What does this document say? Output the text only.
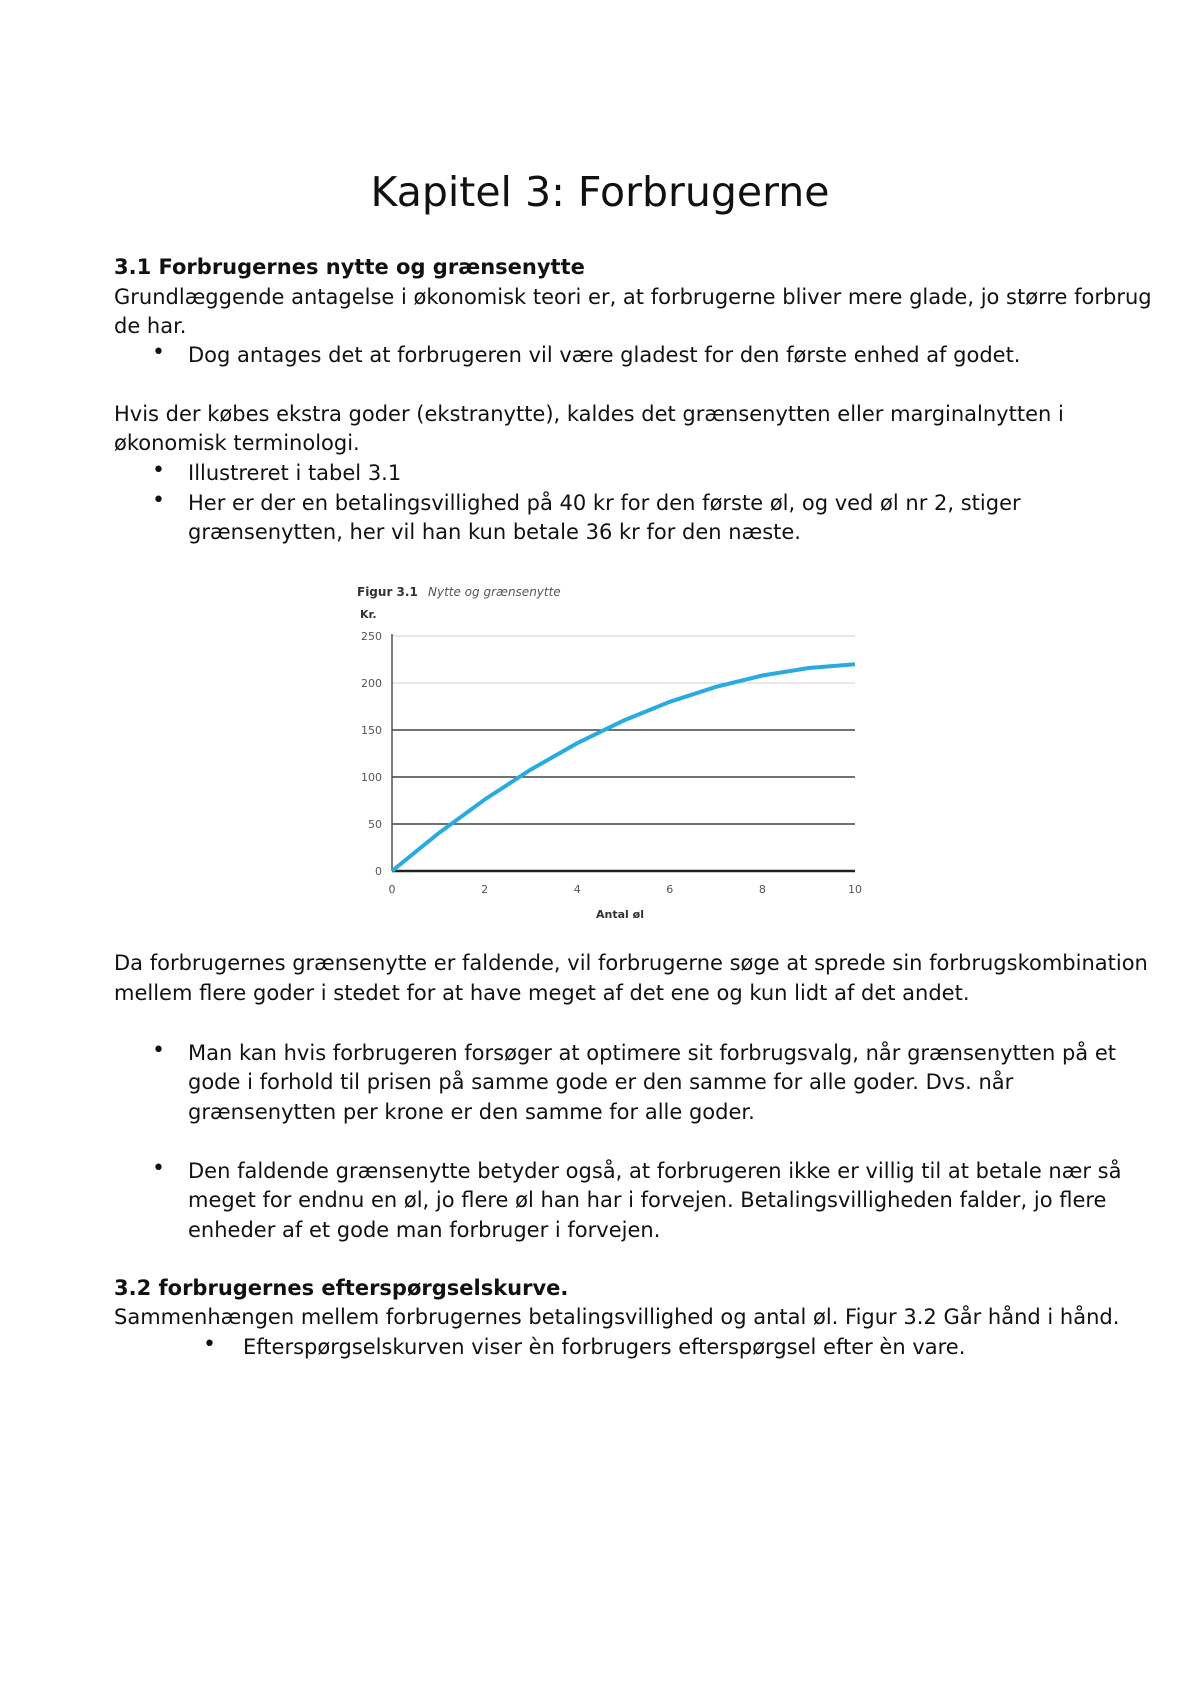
Kapitel 3: Forbrugerne
3.1 Forbrugernes nytte og grænsenytte
Grundlæggende antagelse i økonomisk teori er, at forbrugerne bliver mere glade, jo større forbrug
de har.
• Dog antages det at forbrugeren vil være gladest for den første enhed af godet.
Hvis der købes ekstra goder (ekstranytte), kaldes det grænsenytten eller marginalnytten i
økonomisk terminologi.
• Illustreret i tabel 3.1
• Her er der en betalingsvillighed på 40 kr for den første øl, og ved øl nr 2, stiger
grænsenytten, her vil han kun betale 36 kr for den næste.
Figur 3.1 Nytte og grænsenytte
Kr.
0
50
100
150
200
250
0	2	4	6	8	10
Antal øl
Da forbrugernes grænsenytte er faldende, vil forbrugerne søge at sprede sin forbrugskombination
mellem flere goder i stedet for at have meget af det ene og kun lidt af det andet.
• Man kan hvis forbrugeren forsøger at optimere sit forbrugsvalg, når grænsenytten på et
gode i forhold til prisen på samme gode er den samme for alle goder. Dvs. når
grænsenytten per krone er den samme for alle goder.
• Den faldende grænsenytte betyder også, at forbrugeren ikke er villig til at betale nær så
meget for endnu en øl, jo flere øl han har i forvejen. Betalingsvilligheden falder, jo flere
enheder af et gode man forbruger i forvejen.
3.2 forbrugernes efterspørgselskurve.
Sammenhængen mellem forbrugernes betalingsvillighed og antal øl. Figur 3.2 Går hånd i hånd.
• Efterspørgselskurven viser èn forbrugers efterspørgsel efter èn vare.
